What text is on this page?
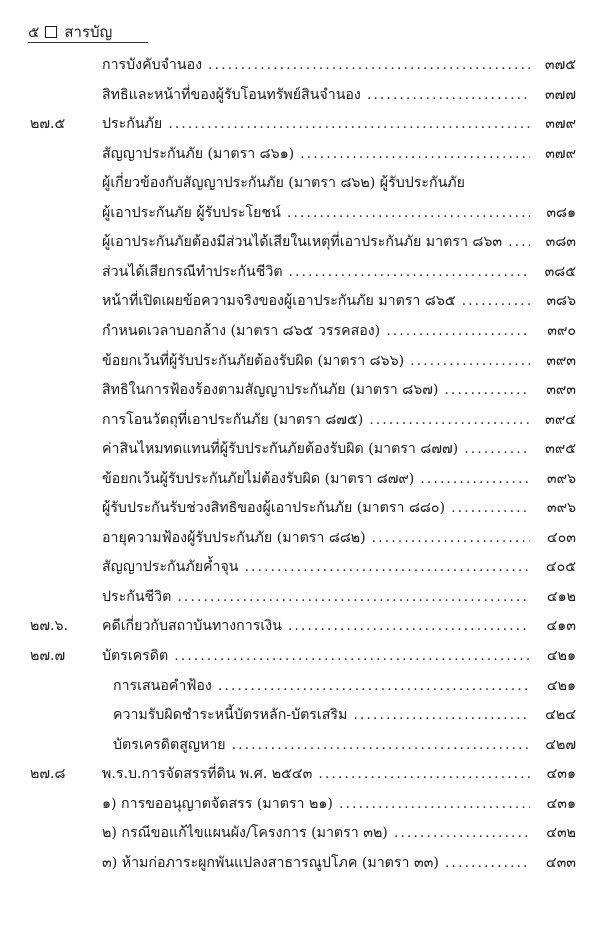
๕ สารบัญ
การบังคับจำนอง .....	๓๗๕
สิทธิและหน้าที่ของผู้รับโอนทรัพย์สินจำนอง .....	๓๗๗
๒๗.๕	ประกันภัย .....	๓๗๙
สัญญาประกันภัย (มาตรา ๘๖๑) .....	๓๗๙
ผู้เกี่ยวข้องกับสัญญาประกันภัย (มาตรา ๘๖๒) ผู้รับประกันภัย
ผู้เอาประกันภัย ผู้รับประโยชน์ .....	๓๘๑
ผู้เอาประกันภัยต้องมีส่วนได้เสียในเหตุที่เอาประกันภัย มาตรา ๘๖๓ .....	๓๘๓
ส่วนได้เสียกรณีทำประกันชีวิต .....	๓๘๕
หน้าที่เปิดเผยข้อความจริงของผู้เอาประกันภัย มาตรา ๘๖๕ .....	๓๘๖
กำหนดเวลาบอกล้าง (มาตรา ๘๖๕ วรรคสอง) .....	๓๙๐
ข้อยกเว้นที่ผู้รับประกันภัยต้องรับผิด (มาตรา ๘๖๖) .....	๓๙๓
สิทธิในการฟ้องร้องตามสัญญาประกันภัย (มาตรา ๘๖๗) .....	๓๙๓
การโอนวัตถุที่เอาประกันภัย (มาตรา ๘๗๕) .....	๓๙๔
ค่าสินไหมทดแทนที่ผู้รับประกันภัยต้องรับผิด (มาตรา ๘๗๗) .....	๓๙๕
ข้อยกเว้นผู้รับประกันภัยไม่ต้องรับผิด (มาตรา ๘๗๙) .....	๓๙๖
ผู้รับประกันรับช่วงสิทธิของผู้เอาประกันภัย (มาตรา ๘๘๐) .....	๓๙๖
อายุความฟ้องผู้รับประกันภัย (มาตรา ๘๘๒) .....	๔๐๓
สัญญาประกันภัยค้ำจุน .....	๔๐๕
ประกันชีวิต .....	๔๑๒
๒๗.๖.	คดีเกี่ยวกับสถาบันทางการเงิน .....	๔๑๓
๒๗.๗	บัตรเครดิต .....	๔๒๑
การเสนอคำฟ้อง .....	๔๒๑
ความรับผิดชำระหนี้บัตรหลัก-บัตรเสริม .....	๔๒๔
บัตรเครดิตสูญหาย .....	๔๒๗
๒๗.๘	พ.ร.บ.การจัดสรรที่ดิน พ.ศ. ๒๕๔๓ .....	๔๓๑
๑) การขออนุญาตจัดสรร (มาตรา ๒๑) .....	๔๓๑
๒) กรณีขอแก้ไขแผนผัง/โครงการ (มาตรา ๓๒) .....	๔๓๒
๓) ห้ามก่อภาระผูกพันแปลงสาธารณูปโภค (มาตรา ๓๓) .....	๔๓๓
